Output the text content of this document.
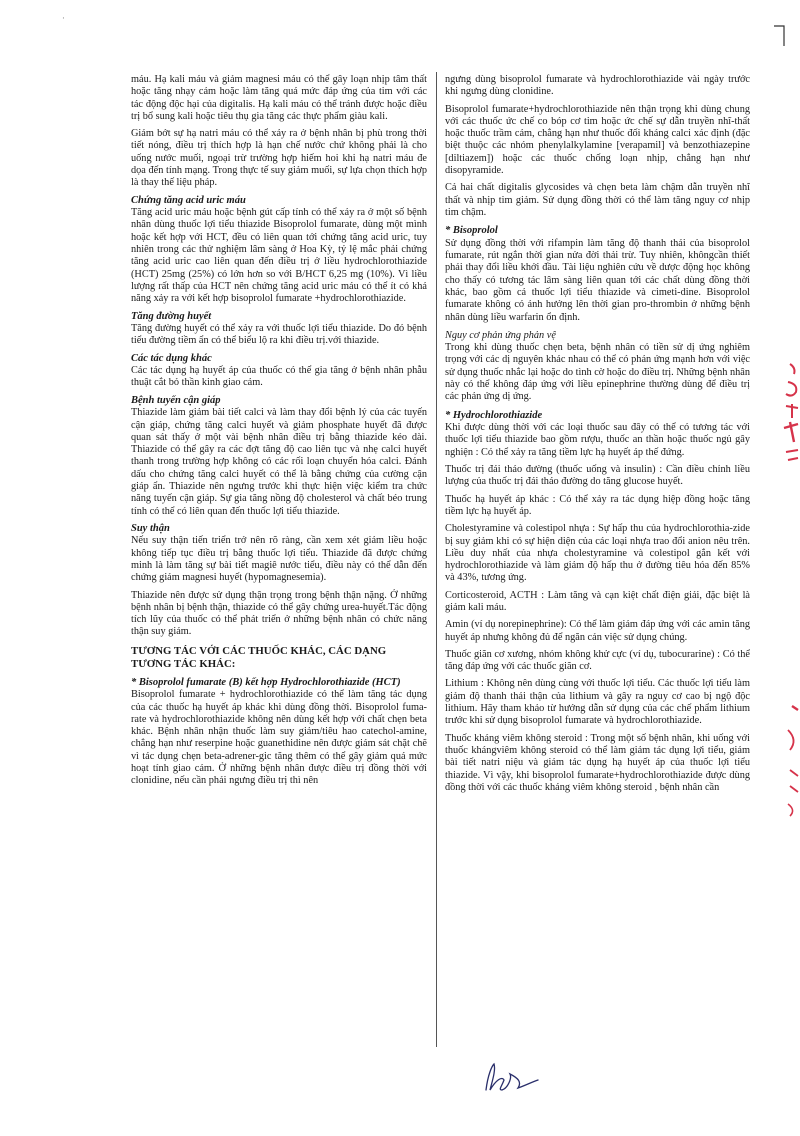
·

máu. Hạ kali máu và giảm magnesi máu có thể gây loạn nhịp tâm thất hoặc tăng nhạy cảm hoặc làm tăng quá mức đáp ứng của tim với các tác động độc hại của digitalis. Hạ kali máu có thể tránh được hoặc điều trị bổ sung kali hoặc tiêu thụ gia tăng các thực phẩm giàu kali.

Giảm bớt sự hạ natri máu có thể xảy ra ở bệnh nhân bị phù trong thời tiết nóng, điều trị thích hợp là hạn chế nước chứ không phải là cho uống nước muối, ngoại trừ trường hợp hiếm hoi khi hạ natri máu đe dọa đến tính mạng. Trong thực tế suy giảm muối, sự lựa chọn thích hợp là thay thế liệu pháp.

Chứng tăng acid uric máu

Tăng acid uric máu hoặc bệnh gút cấp tính có thể xảy ra ở một số bệnh nhân dùng thuốc lợi tiểu thiazide Bisoprolol fumarate, dùng một mình hoặc kết hợp với HCT, đều có liên quan tới chứng tăng acid uric, tuy nhiên trong các thử nghiệm lâm sàng ở Hoa Kỳ, tỷ lệ mắc phải chứng tăng acid uric cao liên quan đến điều trị ở liều hydrochlorothiazide (HCT) 25mg (25%) có lớn hơn so với B/HCT 6,25 mg (10%). Vì liều lượng rất thấp của HCT nên chứng tăng acid uric máu có thể ít có khả năng xảy ra với kết hợp bisoprolol fumarate +hydrochlorothiazide.

Tăng đường huyết

Tăng đường huyết có thể xảy ra với thuốc lợi tiểu thiazide. Do đó bệnh tiểu đường tiềm ẩn có thể biểu lộ ra khi điều trị.với thiazide.

Các tác dụng khác

Các tác dụng hạ huyết áp của thuốc có thể gia tăng ở bệnh nhân phẫu thuật cắt bỏ thần kinh giao cảm.

Bệnh tuyến cận giáp

Thiazide làm giảm bài tiết calci và làm thay đổi bệnh lý của các tuyến cận giáp, chứng tăng calci huyết và giảm phosphate huyết đã được quan sát thấy ở một vài bệnh nhân điều trị bằng thiazide kéo dài. Thiazide có thể gây ra các đợt tăng độ cao liên tục và nhẹ calci huyết thanh trong trường hợp không có các rối loạn chuyển hóa calci. Đánh dấu cho chứng tăng calci huyết có thể là bằng chứng của cường cận giáp ẩn. Thiazide nên ngưng trước khi thực hiện việc kiểm tra chức năng tuyến cận giáp. Sự gia tăng nồng độ cholesterol và chất béo trung tính có thể có liên quan đến thuốc lợi tiểu thiazide.

Suy thận

Nếu suy thận tiến triển trở nên rõ ràng, cần xem xét giảm liều hoặc không tiếp tục điều trị bằng thuốc lợi tiểu. Thiazide đã được chứng minh là làm tăng sự bài tiết magiê nước tiểu, điều này có thể dẫn đến chứng giảm magnesi huyết (hypomagnesemia).

Thiazide nên được sử dụng thận trọng trong bệnh thận nặng. Ở những bệnh nhân bị bệnh thận, thiazide có thể gây chứng urea-huyết.Tác động tích lũy của thuốc có thể phát triển ở những bệnh nhân có chức năng thận suy giảm.

TƯƠNG TÁC VỚI CÁC THUỐC KHÁC, CÁC DẠNG TƯƠNG TÁC KHÁC:
* Bisoprolol fumarate (B) kết hợp Hydrochlorothiazide (HCT)

Bisoprolol fumarate + hydrochlorothiazide có thể làm tăng tác dụng của các thuốc hạ huyết áp khác khi dùng đồng thời. Bisoprolol fuma-rate và hydrochlorothiazide không nên dùng kết hợp với chất chẹn beta khác. Bệnh nhân nhận thuốc làm suy giảm/tiêu hao catechol-amine, chẳng hạn như reserpine hoặc guanethidine nên được giám sát chặt chẽ vì tác dụng chẹn beta-adrener-gic tăng thêm có thể gây giảm quá mức hoạt tính giao cảm. Ở những bệnh nhân được điều trị đồng thời với clonidine, nếu cần phải ngưng điều trị thì nên

ngưng dùng bisoprolol fumarate và hydrochlorothiazide vài ngày trước khi ngưng dùng clonidine.

Bisoprolol fumarate+hydrochlorothiazide nên thận trọng khi dùng chung với các thuốc ức chế co bóp cơ tim hoặc ức chế sự dẫn truyền nhĩ-thất hoặc thuốc trầm cảm, chẳng hạn như thuốc đối kháng calci xác định (đặc biệt thuộc các nhóm phenylalkylamine [verapamil] và benzothiazepine [diltiazem]) hoặc các thuốc chống loạn nhịp, chẳng hạn như disopyramide.

Cả hai chất digitalis glycosides và chẹn beta làm chậm dẫn truyền nhĩ thất và nhịp tim giảm. Sử dụng đồng thời có thể làm tăng nguy cơ nhịp tim chậm.

* Bisoprolol

Sử dụng đồng thời với rifampin làm tăng độ thanh thải của bisoprolol fumarate, rút ngắn thời gian nửa đời thải trừ. Tuy nhiên, khôngcần thiết phải thay đổi liều khởi đầu. Tài liệu nghiên cứu về dược động học không cho thấy có tương tác lâm sàng liên quan tới các chất dùng đồng thời khác, bao gồm cả thuốc lợi tiểu thiazide và cimeti-dine. Bisoprolol fumarate không có ảnh hưởng lên thời gian pro-thrombin ở những bệnh nhân dùng liều warfarin ổn định.

Nguy cơ phản ứng phản vệ

Trong khi dùng thuốc chẹn beta, bệnh nhân có tiền sử dị ứng nghiêm trọng với các dị nguyên khác nhau có thể có phản ứng mạnh hơn với việc sử dụng thuốc nhắc lại hoặc do tình cờ hoặc do điều trị. Những bệnh nhân này có thể không đáp ứng với liều epinephrine thường dùng để điều trị các phản ứng dị ứng.

* Hydrochlorothiazide

Khi được dùng thời với các loại thuốc sau đây có thể có tương tác với thuốc lợi tiểu thiazide bao gồm rượu, thuốc an thần hoặc thuốc ngủ gây nghiện : Có thể xảy ra tăng tiềm lực hạ huyết áp thế đứng.

Thuốc trị đái tháo đường (thuốc uống và insulin) : Cần điều chỉnh liều lượng của thuốc trị đái tháo đường do tăng glucose huyết.

Thuốc hạ huyết áp khác : Có thể xảy ra tác dụng hiệp đồng hoặc tăng tiềm lực hạ huyết áp.

Cholestyramine và colestipol nhựa : Sự hấp thu của hydrochlorothia-zide bị suy giảm khi có sự hiện diện của các loại nhựa trao đổi anion nêu trên. Liều duy nhất của nhựa cholestyramine và colestipol gắn kết với hydrochlorothiazide và làm giảm độ hấp thu ở đường tiêu hóa đến 85% và 43%, tương ứng.

Corticosteroid, ACTH : Làm tăng và cạn kiệt chất điện giải, đặc biệt là giảm kali máu.

Amin (ví dụ norepinephrine): Có thể làm giảm đáp ứng với các amin tăng huyết áp nhưng không đủ để ngăn cản việc sử dụng chúng.

Thuốc giãn cơ xương, nhóm không khử cực (ví dụ, tubocurarine) : Có thể tăng đáp ứng với các thuốc giãn cơ.

Lithium : Không nên dùng cùng với thuốc lợi tiểu. Các thuốc lợi tiểu làm giảm độ thanh thải thận của lithium và gây ra nguy cơ cao bị ngộ độc lithium. Hãy tham khảo từ hướng dẫn sử dụng của các chế phẩm lithium trước khi sử dụng bisoprolol fumarate và hydrochlorothiazide.

Thuốc kháng viêm không steroid : Trong một số bệnh nhân, khi uống với thuốc khángviêm không steroid có thể làm giảm tác dụng lợi tiểu, giảm bài tiết natri niệu và giảm tác dụng hạ huyết áp của thuốc lợi tiểu thiazide. Vì vậy, khi bisoprolol fumarate+hydrochlorothiazide được dùng đồng thời với các thuốc kháng viêm không steroid , bệnh nhân cần
